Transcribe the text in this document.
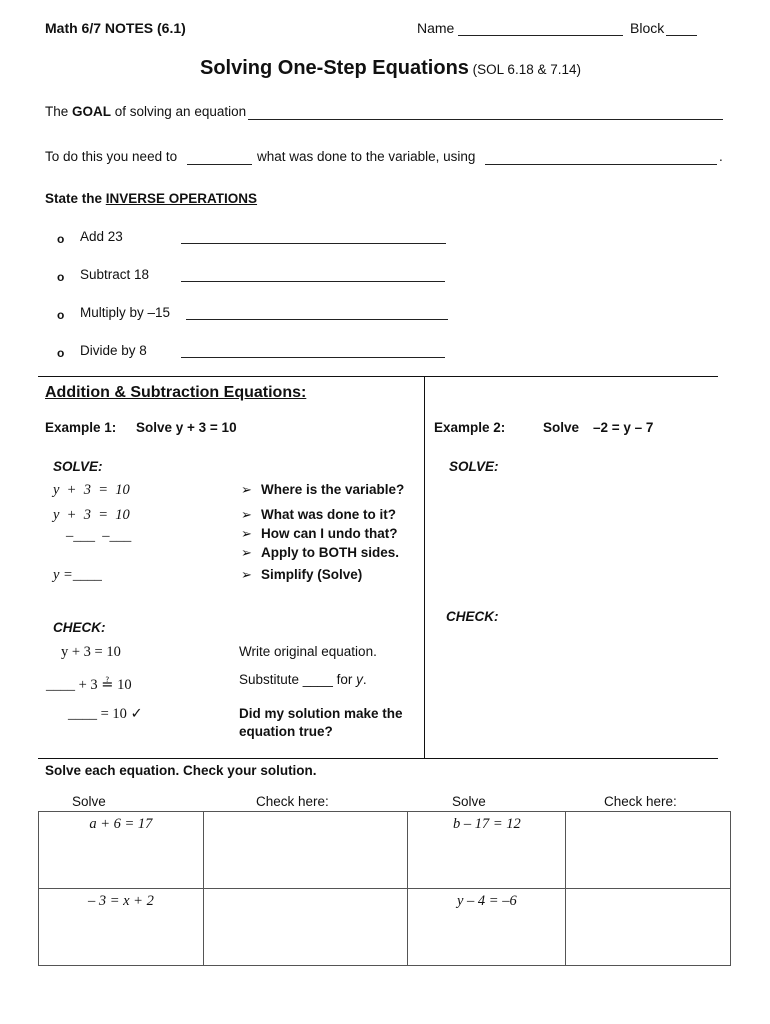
Math 6/7 NOTES (6.1)	Name	Block
Solving One-Step Equations (SOL 6.18 & 7.14)
The GOAL of solving an equation
To do this you need to	what was done to the variable, using	.
State the INVERSE OPERATIONS
o Add 23
o Subtract 18
o Multiply by –15
o Divide by 8
Addition & Subtraction Equations:
Example 1: Solve y + 3 = 10	Example 2:	Solve –2 = y – 7
SOLVE:	SOLVE:
y  +  3  =  10
y  +  3  =  10
–___  –___
y =____
➢ Where is the variable?
➢ What was done to it?
➢ How can I undo that?
➢ Apply to BOTH sides.
➢ Simplify (Solve)
CHECK:
CHECK:
y + 3 = 10
____ + 3 ≟ 10
____ = 10 ✓
Write original equation.
Substitute ____ for y.
Did my solution make the
equation true?
Solve each equation. Check your solution.
Solve	Check here:	Solve	Check here:
a + 6 = 17		b – 17 = 12	
– 3 = x + 2		y – 4 = –6	
